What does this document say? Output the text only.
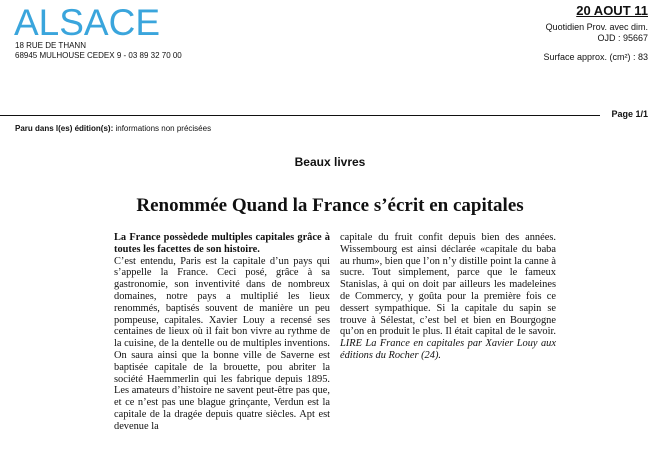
ALSACE
18 RUE DE THANN
68945 MULHOUSE CEDEX 9 - 03 89 32 70 00
20 AOUT 11
Quotidien Prov. avec dim.
OJD : 95667
Surface approx. (cm²) : 83
Page 1/1
Paru dans l(es) édition(s): informations non précisées
Beaux livres
Renommée Quand la France s’écrit en capitales
La France possèdede multiples capitales grâce à toutes les facettes de son histoire.
C’est entendu, Paris est la capitale d’un pays qui s’appelle la France. Ceci posé, grâce à sa gastronomie, son inventivité dans de nombreux domaines, notre pays a multiplié les lieux renommés, baptisés souvent de manière un peu pompeuse, capitales. Xavier Louy a recensé ses centaines de lieux où il fait bon vivre au rythme de la cuisine, de la dentelle ou de multiples inventions. On saura ainsi que la bonne ville de Saverne est baptisée capitale de la brouette, pou abriter la société Haemmerlin qui les fabrique depuis 1895. Les amateurs d’histoire ne savent peut-être pas que, et ce n’est pas une blague grinçante, Verdun est la capitale de la dragée depuis quatre siècles. Apt est devenue la
capitale du fruit confit depuis bien des années. Wissembourg est ainsi déclarée «capitale du baba au rhum», bien que l’on n’y distille point la canne à sucre. Tout simplement, parce que le fameux Stanislas, à qui on doit par ailleurs les madeleines de Commercy, y goûta pour la première fois ce dessert sympathique. Si la capitale du sapin se trouve à Sélestat, c’est bel et bien en Bourgogne qu’on en produit le plus. Il était capital de le savoir. LIRE La France en capitales par Xavier Louy aux éditions du Rocher (24).
